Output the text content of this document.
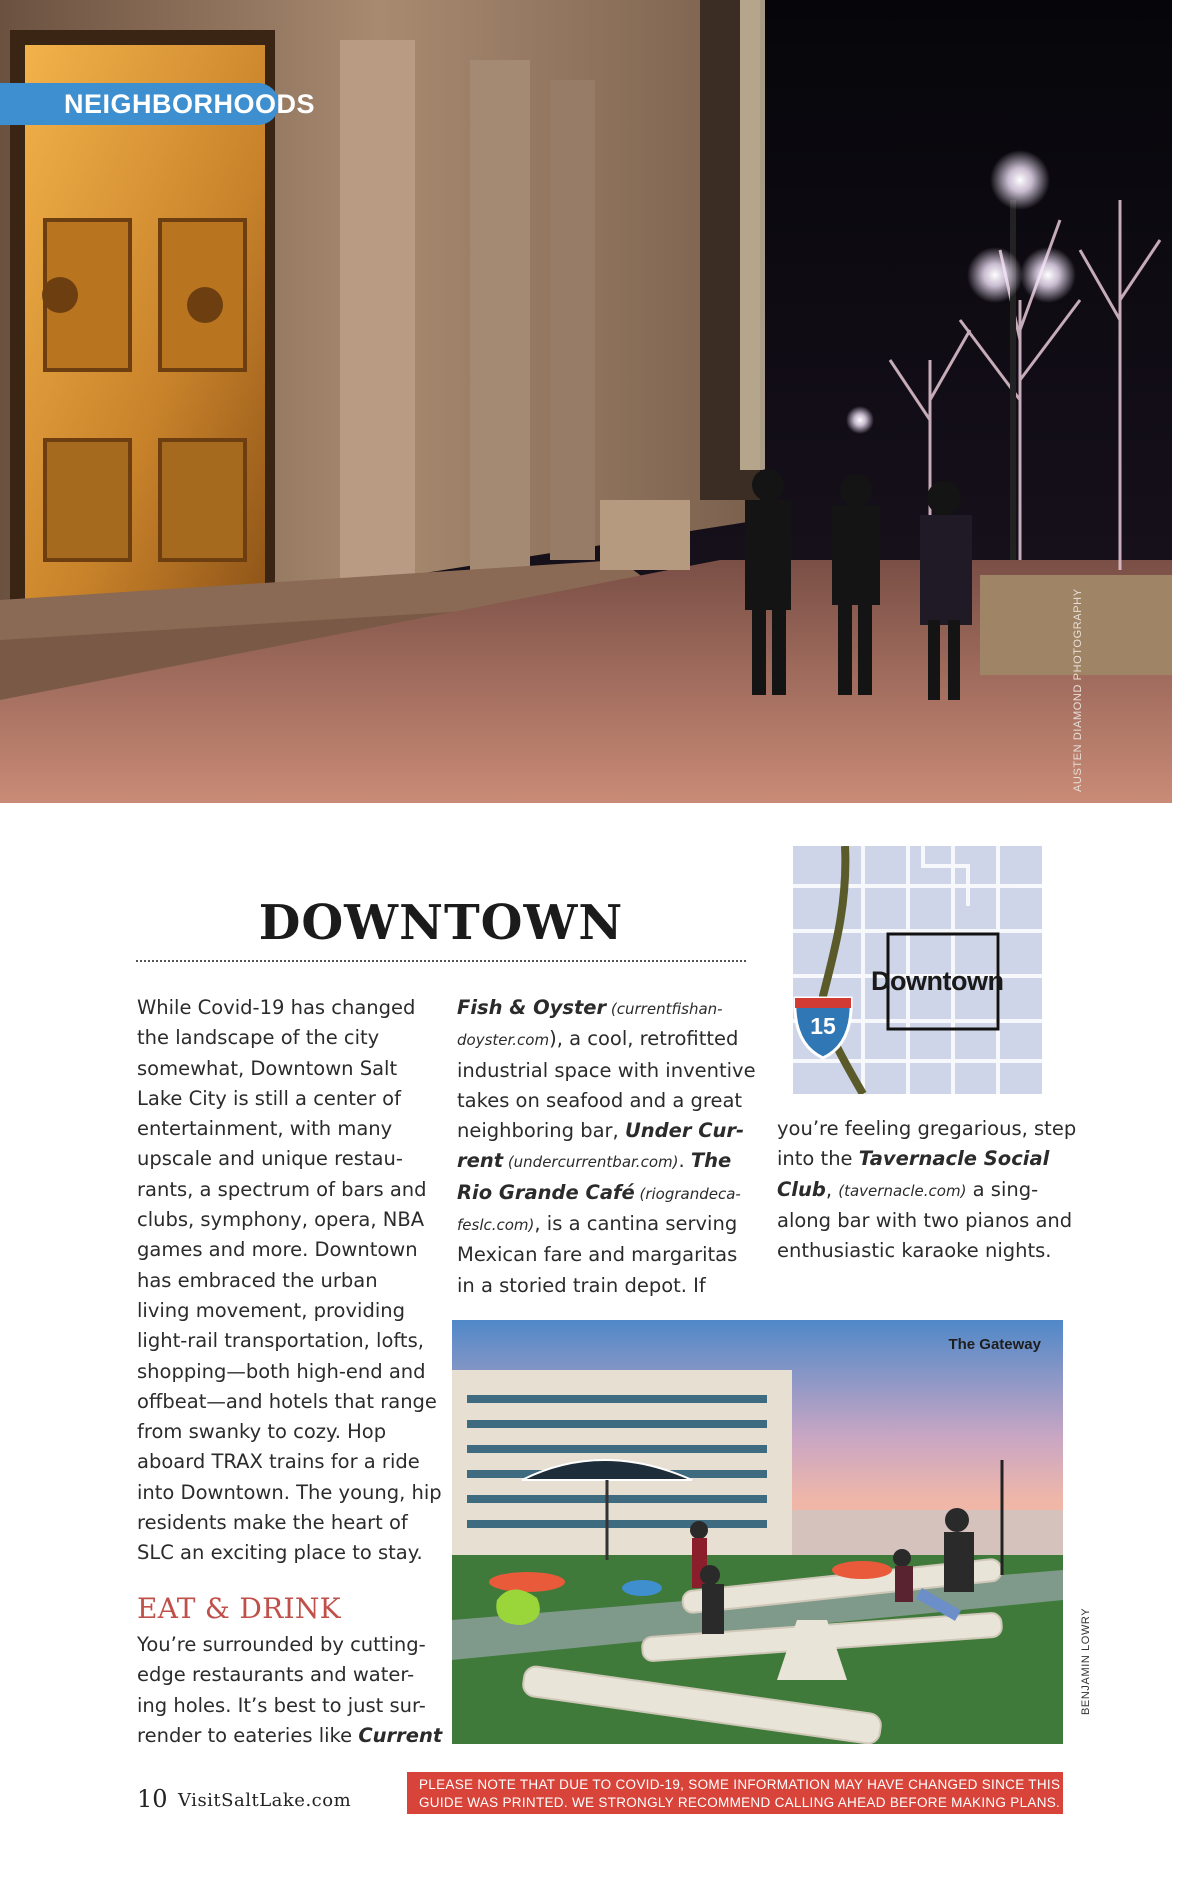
NEIGHBORHOODS
AUSTEN DIAMOND PHOTOGRAPHY
DOWNTOWN
Downtown
15
While Covid-19 has changed
the landscape of the city
somewhat, Downtown Salt
Lake City is still a center of
entertainment, with many
upscale and unique restau-
rants, a spectrum of bars and
clubs, symphony, opera, NBA
games and more. Downtown
has embraced the urban
living movement, providing
light-rail transportation, lofts,
shopping—both high-end and
offbeat—and hotels that range
from swanky to cozy. Hop
aboard TRAX trains for a ride
into Downtown. The young, hip
residents make the heart of
SLC an exciting place to stay.
EAT & DRINK
You’re surrounded by cutting-
edge restaurants and water-
ing holes. It’s best to just sur-
render to eateries like Current
Fish & Oyster (currentfishan-
doyster.com), a cool, retrofitted
industrial space with inventive
takes on seafood and a great
neighboring bar, Under Cur-
rent (undercurrentbar.com). The
Rio Grande Café (riograndeca-
feslc.com), is a cantina serving
Mexican fare and margaritas
in a storied train depot. If
you’re feeling gregarious, step
into the Tavernacle Social
Club, (tavernacle.com) a sing-
along bar with two pianos and
enthusiastic karaoke nights.
The Gateway
BENJAMIN LOWRY
10 VisitSaltLake.com
PLEASE NOTE THAT DUE TO COVID-19, SOME INFORMATION MAY HAVE CHANGED SINCE THIS
GUIDE WAS PRINTED. WE STRONGLY RECOMMEND CALLING AHEAD BEFORE MAKING PLANS.
